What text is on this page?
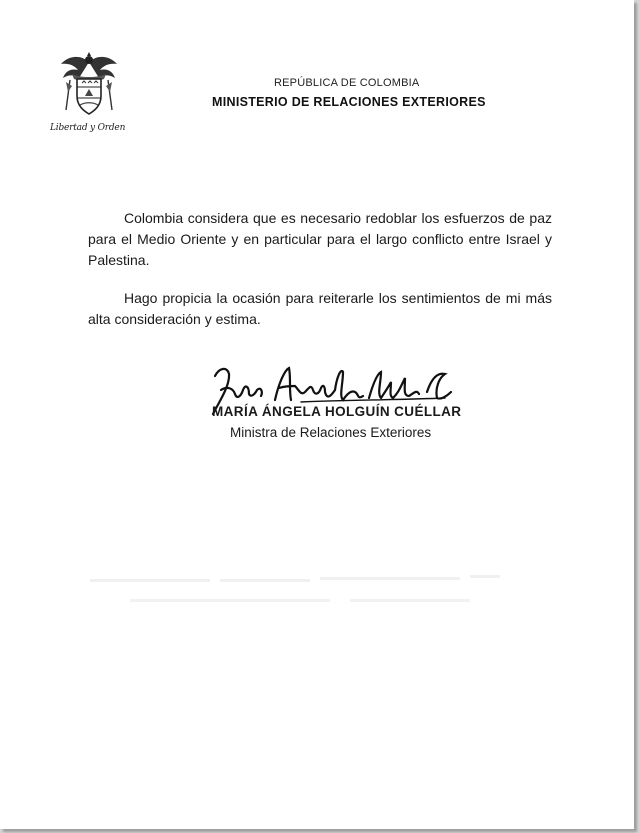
Libertad y Orden
REPÚBLICA DE COLOMBIA
MINISTERIO DE RELACIONES EXTERIORES

Colombia considera que es necesario redoblar los esfuerzos de paz para el Medio Oriente y en particular para el largo conflicto entre Israel y Palestina.

Hago propicia la ocasión para reiterarle los sentimientos de mi más alta consideración y estima.

MARÍA ÁNGELA HOLGUÍN CUÉLLAR
Ministra de Relaciones Exteriores
